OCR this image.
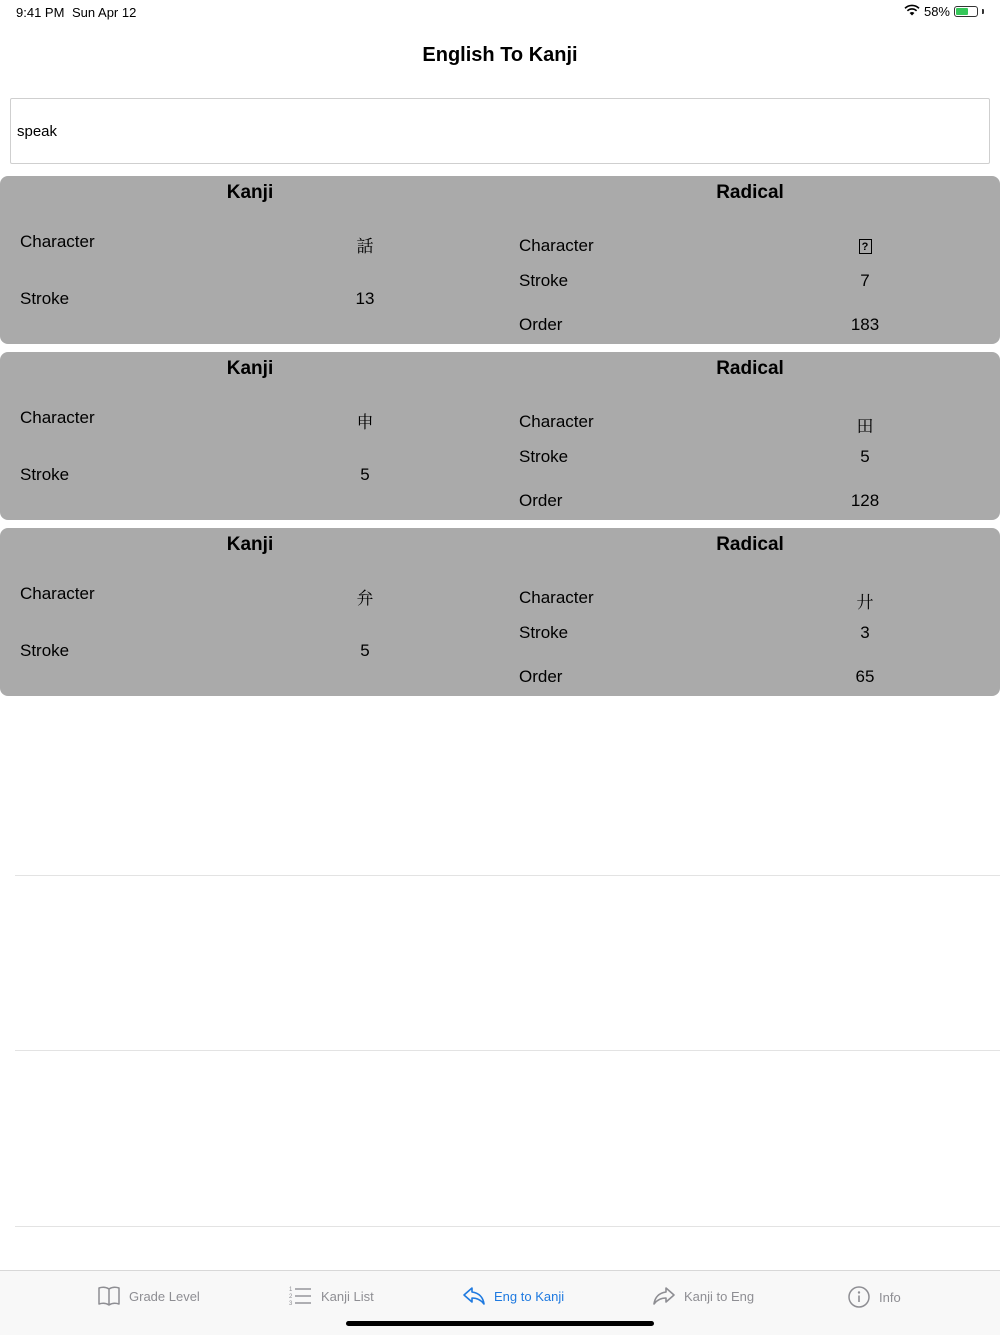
9:41 PM Sun Apr 12	58%
English To Kanji
speak
Kanji
Character	話
Stroke	13
Radical
Character	?
Stroke	7
Order	183
Kanji
Character	申
Stroke	5
Radical
Character	田
Stroke	5
Order	128
Kanji
Character	弁
Stroke	5
Radical
Character	廾
Stroke	3
Order	65
Grade Level	1
2
3
Kanji List	Eng to Kanji	Kanji to Eng	Info
